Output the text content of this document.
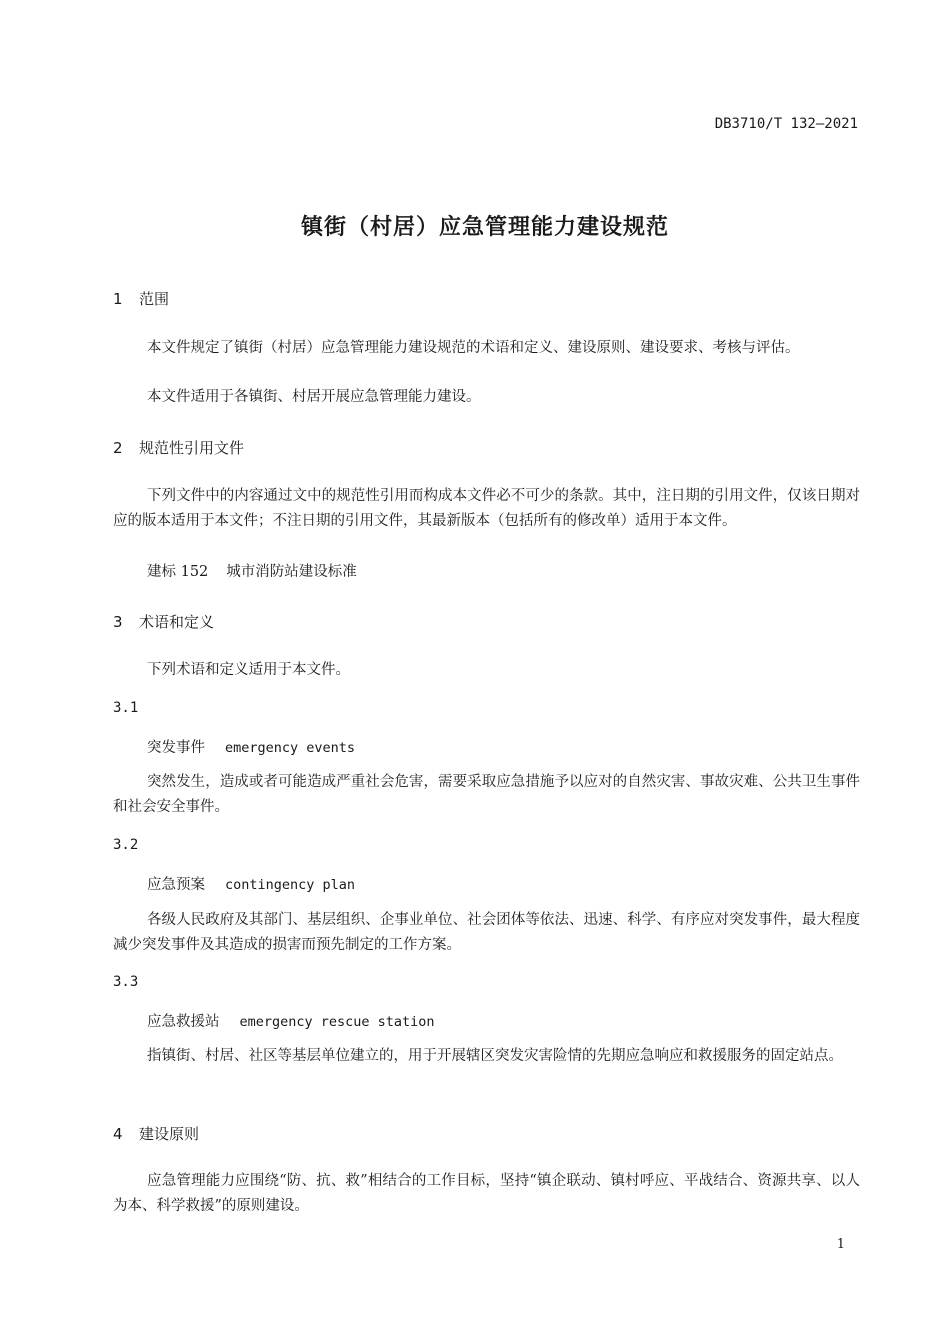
DB3710/T 132—2021
镇街（村居）应急管理能力建设规范
1 范围
本文件规定了镇街（村居）应急管理能力建设规范的术语和定义、建设原则、建设要求、考核与评估。
本文件适用于各镇街、村居开展应急管理能力建设。
2 规范性引用文件
下列文件中的内容通过文中的规范性引用而构成本文件必不可少的条款。其中，注日期的引用文件，仅该日期对应的版本适用于本文件；不注日期的引用文件，其最新版本（包括所有的修改单）适用于本文件。
建标 152 城市消防站建设标准
3 术语和定义
下列术语和定义适用于本文件。
3.1
突发事件 emergency events
突然发生，造成或者可能造成严重社会危害，需要采取应急措施予以应对的自然灾害、事故灾难、公共卫生事件和社会安全事件。
3.2
应急预案 contingency plan
各级人民政府及其部门、基层组织、企事业单位、社会团体等依法、迅速、科学、有序应对突发事件，最大程度减少突发事件及其造成的损害而预先制定的工作方案。
3.3
应急救援站 emergency rescue station
指镇街、村居、社区等基层单位建立的，用于开展辖区突发灾害险情的先期应急响应和救援服务的固定站点。
4 建设原则
应急管理能力应围绕“防、抗、救”相结合的工作目标，坚持“镇企联动、镇村呼应、平战结合、资源共享、以人为本、科学救援”的原则建设。
1
